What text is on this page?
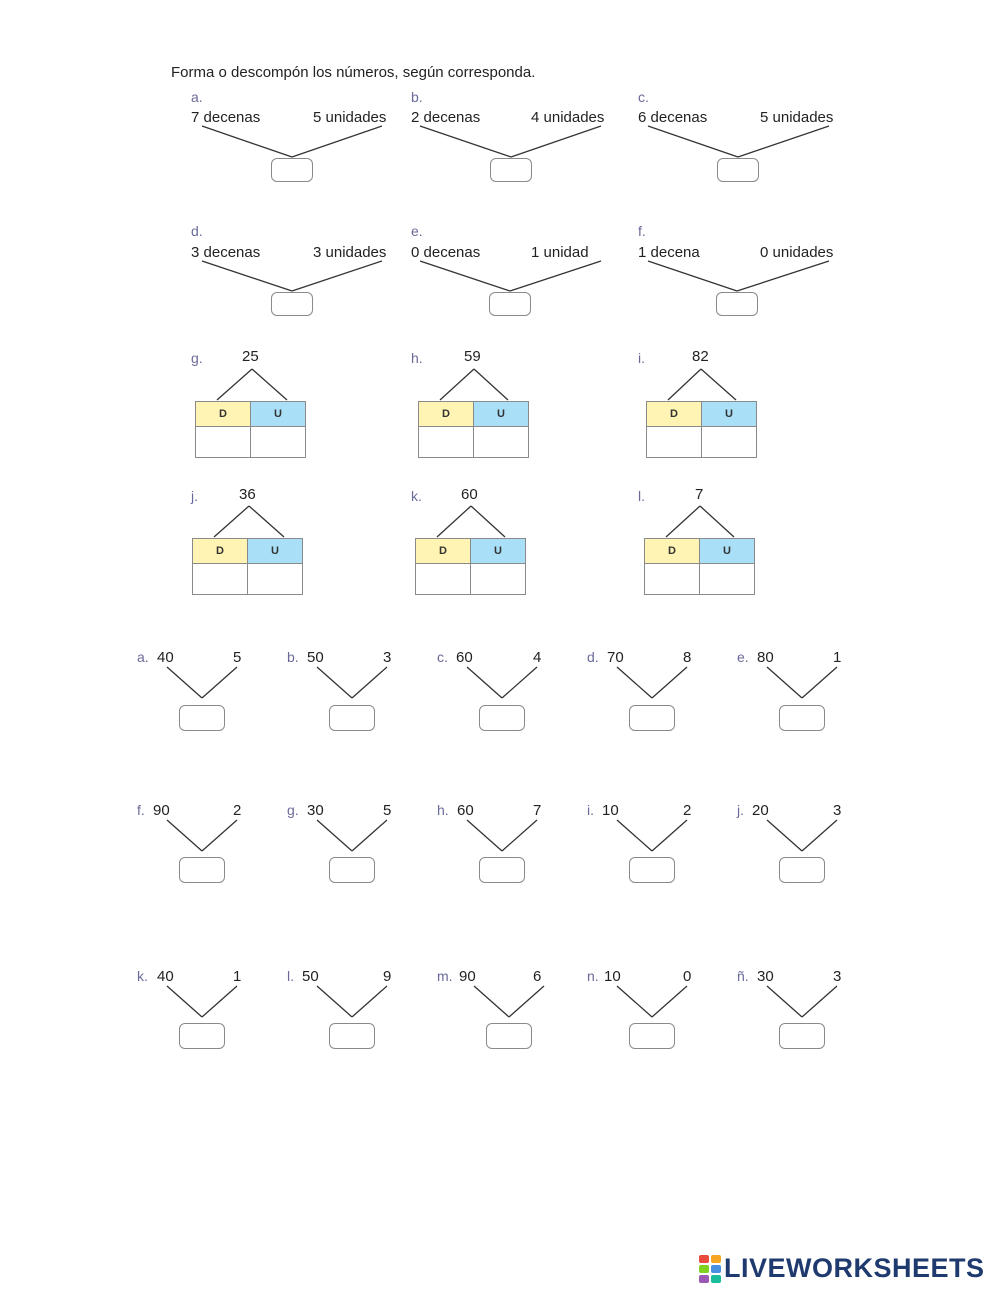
Forma o descompón los números, según corresponda.
a.
7 decenas	5 unidades
b.
2 decenas	4 unidades
c.
6 decenas	5 unidades
d.
3 decenas	3 unidades
e.
0 decenas	1 unidad
f.
1 decena	0 unidades
g.	25
D	U

h.	59
D	U

i.	82
D	U

j.	36
D	U

k.	60
D	U

l.	7
D	U

a. 40	5	b. 50	3	c. 60	4	d. 70	8	e. 80	1
f. 90	2	g. 30	5	h. 60	7	i. 10	2	j. 20	3
k. 40	1	l. 50	9	m. 90	6	n. 10	0	ñ. 30	3
LIVEWORKSHEETS
